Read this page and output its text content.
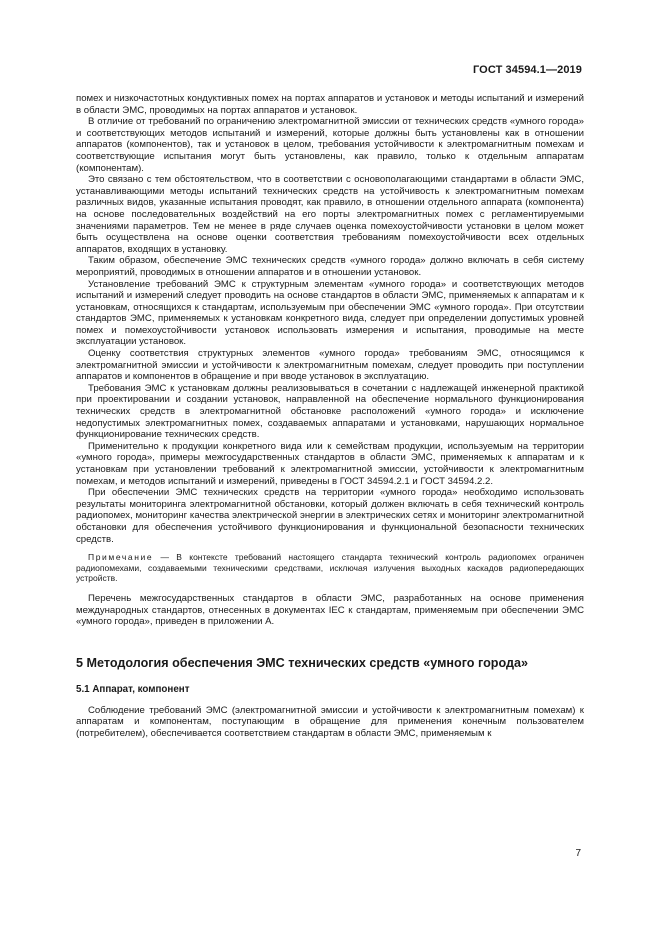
ГОСТ 34594.1—2019

помех и низкочастотных кондуктивных помех на портах аппаратов и установок и методы испытаний и измерений в области ЭМС, проводимых на портах аппаратов и установок.

В отличие от требований по ограничению электромагнитной эмиссии от технических средств «умного города» и соответствующих методов испытаний и измерений, которые должны быть установлены как в отношении аппаратов (компонентов), так и установок в целом, требования устойчивости к электромагнитным помехам и соответствующие испытания могут быть установлены, как правило, только к отдельным аппаратам (компонентам).

Это связано с тем обстоятельством, что в соответствии с основополагающими стандартами в области ЭМС, устанавливающими методы испытаний технических средств на устойчивость к электромагнитным помехам различных видов, указанные испытания проводят, как правило, в отношении отдельного аппарата (компонента) на основе последовательных воздействий на его порты электромагнитных помех с регламентируемыми значениями параметров. Тем не менее в ряде случаев оценка помехоустойчивости установки в целом может быть осуществлена на основе оценки соответствия требованиям помехоустойчивости всех отдельных аппаратов, входящих в установку.

Таким образом, обеспечение ЭМС технических средств «умного города» должно включать в себя систему мероприятий, проводимых в отношении аппаратов и в отношении установок.

Установление требований ЭМС к структурным элементам «умного города» и соответствующих методов испытаний и измерений следует проводить на основе стандартов в области ЭМС, применяемых к аппаратам и к установкам, относящихся к стандартам, используемым при обеспечении ЭМС «умного города». При отсутствии стандартов ЭМС, применяемых к установкам конкретного вида, следует при определении допустимых уровней помех и помехоустойчивости установок использовать измерения и испытания, проводимые на месте эксплуатации установок.

Оценку соответствия структурных элементов «умного города» требованиям ЭМС, относящимся к электромагнитной эмиссии и устойчивости к электромагнитным помехам, следует проводить при поступлении аппаратов и компонентов в обращение и при вводе установок в эксплуатацию.

Требования ЭМС к установкам должны реализовываться в сочетании с надлежащей инженерной практикой при проектировании и создании установок, направленной на обеспечение нормального функционирования технических средств в электромагнитной обстановке расположений «умного города» и исключение недопустимых электромагнитных помех, создаваемых аппаратами и установками, нарушающих нормальное функционирование технических средств.

Применительно к продукции конкретного вида или к семействам продукции, используемым на территории «умного города», примеры межгосударственных стандартов в области ЭМС, применяемых к аппаратам и к установкам при установлении требований к электромагнитной эмиссии, устойчивости к электромагнитным помехам, и методов испытаний и измерений, приведены в ГОСТ 34594.2.1 и ГОСТ 34594.2.2.

При обеспечении ЭМС технических средств на территории «умного города» необходимо использовать результаты мониторинга электромагнитной обстановки, который должен включать в себя технический контроль радиопомех, мониторинг качества электрической энергии в электрических сетях и мониторинг электромагнитной обстановки для обеспечения устойчивого функционирования и функциональной безопасности технических средств.

Примечание — В контексте требований настоящего стандарта технический контроль радиопомех ограничен радиопомехами, создаваемыми техническими средствами, исключая излучения выходных каскадов радиопередающих устройств.

Перечень межгосударственных стандартов в области ЭМС, разработанных на основе применения международных стандартов, отнесенных в документах IEC к стандартам, применяемым при обеспечении ЭМС «умного города», приведен в приложении А.

5 Методология обеспечения ЭМС технических средств «умного города»
5.1 Аппарат, компонент

Соблюдение требований ЭМС (электромагнитной эмиссии и устойчивости к электромагнитным помехам) к аппаратам и компонентам, поступающим в обращение для применения конечным пользователем (потребителем), обеспечивается соответствием стандартам в области ЭМС, применяемым к

7
